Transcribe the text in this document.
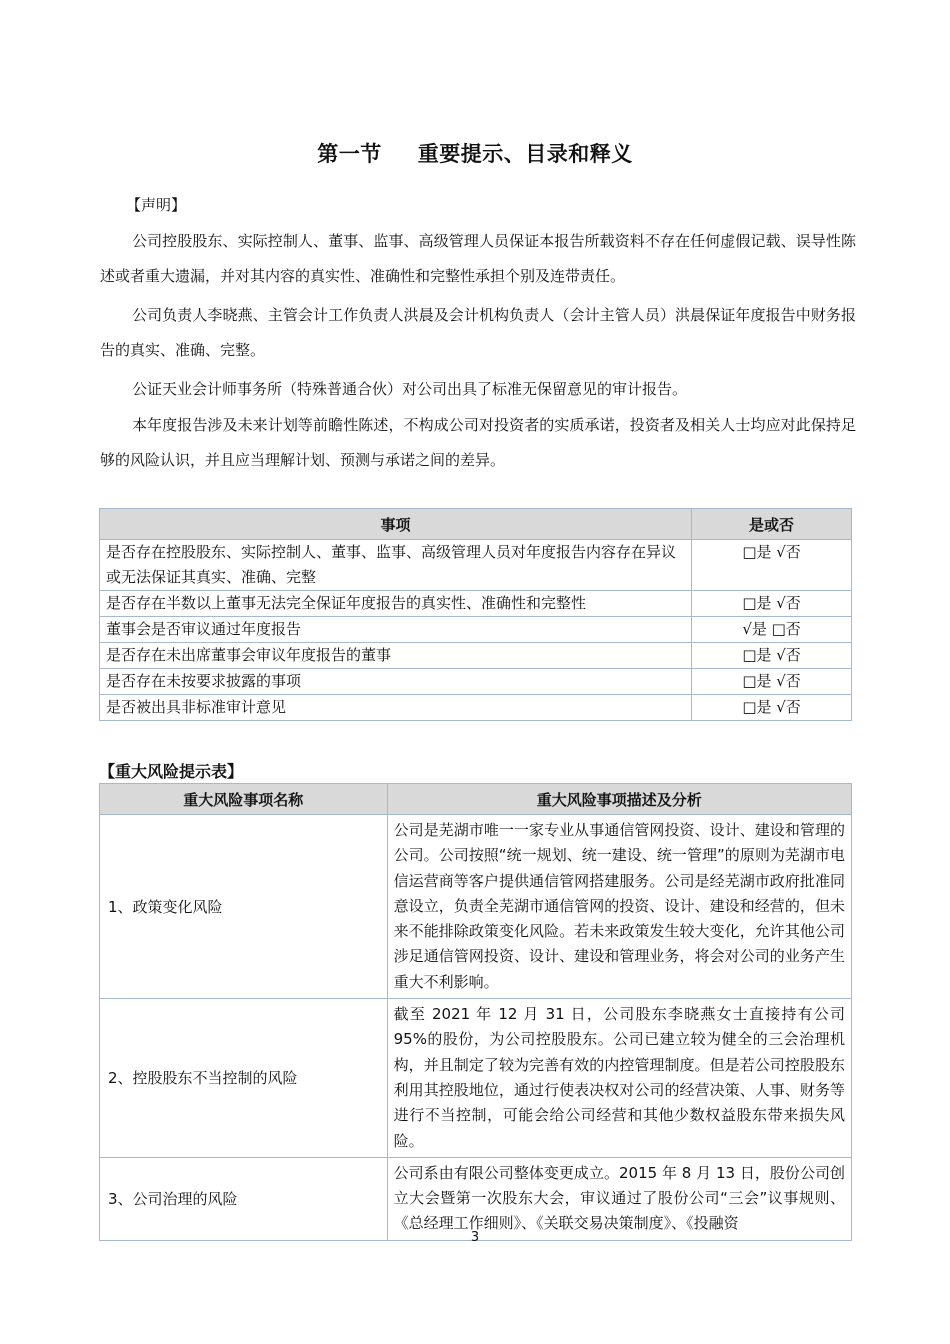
第一节 重要提示、目录和释义
【声明】
公司控股股东、实际控制人、董事、监事、高级管理人员保证本报告所载资料不存在任何虚假记载、误导性陈述或者重大遗漏，并对其内容的真实性、准确性和完整性承担个别及连带责任。
公司负责人李晓燕、主管会计工作负责人洪晨及会计机构负责人（会计主管人员）洪晨保证年度报告中财务报告的真实、准确、完整。
公证天业会计师事务所（特殊普通合伙）对公司出具了标准无保留意见的审计报告。
本年度报告涉及未来计划等前瞻性陈述，不构成公司对投资者的实质承诺，投资者及相关人士均应对此保持足够的风险认识，并且应当理解计划、预测与承诺之间的差异。
事项	是或否
是否存在控股股东、实际控制人、董事、监事、高级管理人员对年度报告内容存在异议或无法保证其真实、准确、完整	□是 √否
是否存在半数以上董事无法完全保证年度报告的真实性、准确性和完整性	□是 √否
董事会是否审议通过年度报告	√是 □否
是否存在未出席董事会审议年度报告的董事	□是 √否
是否存在未按要求披露的事项	□是 √否
是否被出具非标准审计意见	□是 √否
【重大风险提示表】
重大风险事项名称	重大风险事项描述及分析
1、政策变化风险	公司是芜湖市唯一一家专业从事通信管网投资、设计、建设和管理的公司。公司按照“统一规划、统一建设、统一管理”的原则为芜湖市电信运营商等客户提供通信管网搭建服务。公司是经芜湖市政府批准同意设立，负责全芜湖市通信管网的投资、设计、建设和经营的，但未来不能排除政策变化风险。若未来政策发生较大变化，允许其他公司涉足通信管网投资、设计、建设和管理业务，将会对公司的业务产生重大不利影响。
2、控股股东不当控制的风险	截至 2021 年 12 月 31 日，公司股东李晓燕女士直接持有公司 95%的股份，为公司控股股东。公司已建立较为健全的三会治理机构，并且制定了较为完善有效的内控管理制度。但是若公司控股股东利用其控股地位，通过行使表决权对公司的经营决策、人事、财务等进行不当控制，可能会给公司经营和其他少数权益股东带来损失风险。
3、公司治理的风险	公司系由有限公司整体变更成立。2015 年 8 月 13 日，股份公司创立大会暨第一次股东大会，审议通过了股份公司“三会”议事规则、《总经理工作细则》、《关联交易决策制度》、《投融资
3
